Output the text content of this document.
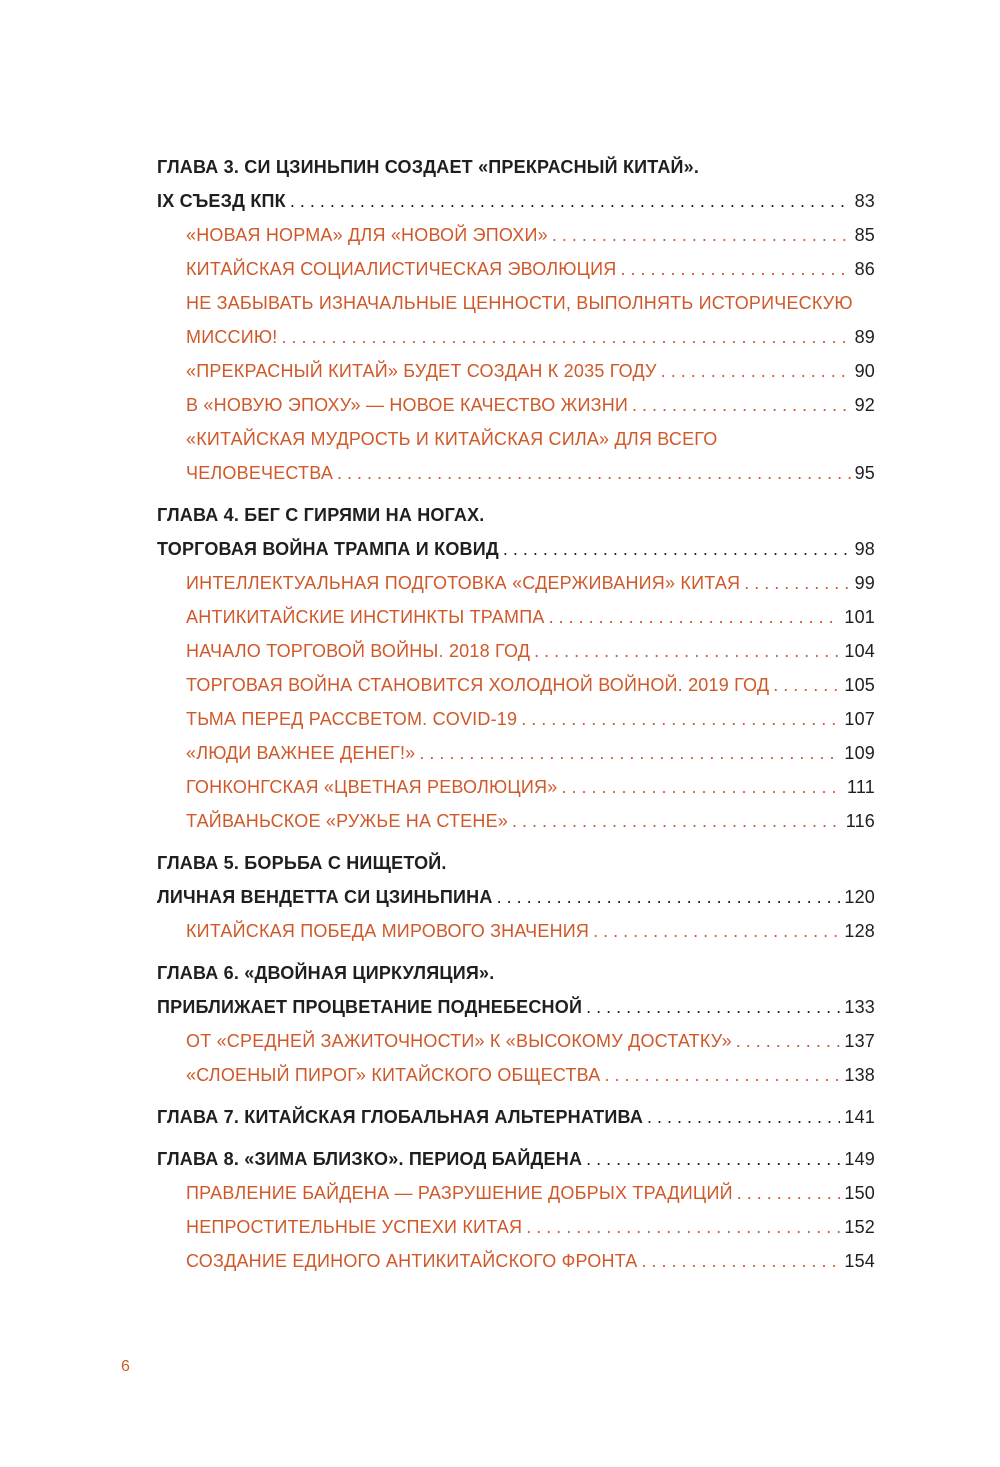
ГЛАВА 3. СИ ЦЗИНЬПИН СОЗДАЕТ «ПРЕКРАСНЫЙ КИТАЙ».
IX СЪЕЗД КПК . . .	83
«НОВАЯ НОРМА» ДЛЯ «НОВОЙ ЭПОХИ» . . .	85
КИТАЙСКАЯ СОЦИАЛИСТИЧЕСКАЯ ЭВОЛЮЦИЯ . . .	86
НЕ ЗАБЫВАТЬ ИЗНАЧАЛЬНЫЕ ЦЕННОСТИ, ВЫПОЛНЯТЬ ИСТОРИЧЕСКУЮ
МИССИЮ! . . .	89
«ПРЕКРАСНЫЙ КИТАЙ» БУДЕТ СОЗДАН К 2035 ГОДУ . . .	90
В «НОВУЮ ЭПОХУ» — НОВОЕ КАЧЕСТВО ЖИЗНИ . . .	92
«КИТАЙСКАЯ МУДРОСТЬ И КИТАЙСКАЯ СИЛА» ДЛЯ ВСЕГО
ЧЕЛОВЕЧЕСТВА . . .	95
ГЛАВА 4. БЕГ С ГИРЯМИ НА НОГАХ.
ТОРГОВАЯ ВОЙНА ТРАМПА И КОВИД . . .	98
ИНТЕЛЛЕКТУАЛЬНАЯ ПОДГОТОВКА «СДЕРЖИВАНИЯ» КИТАЯ . . .	99
АНТИКИТАЙСКИЕ ИНСТИНКТЫ ТРАМПА . . .	101
НАЧАЛО ТОРГОВОЙ ВОЙНЫ. 2018 ГОД . . .	104
ТОРГОВАЯ ВОЙНА СТАНОВИТСЯ ХОЛОДНОЙ ВОЙНОЙ. 2019 ГОД . . .	105
ТЬМА ПЕРЕД РАССВЕТОМ. COVID-19 . . .	107
«ЛЮДИ ВАЖНЕЕ ДЕНЕГ!» . . .	109
ГОНКОНГСКАЯ «ЦВЕТНАЯ РЕВОЛЮЦИЯ» . . .	111
ТАЙВАНЬСКОЕ «РУЖЬЕ НА СТЕНЕ» . . .	116
ГЛАВА 5. БОРЬБА С НИЩЕТОЙ.
ЛИЧНАЯ ВЕНДЕТТА СИ ЦЗИНЬПИНА . . .	120
КИТАЙСКАЯ ПОБЕДА МИРОВОГО ЗНАЧЕНИЯ . . .	128
ГЛАВА 6. «ДВОЙНАЯ ЦИРКУЛЯЦИЯ».
ПРИБЛИЖАЕТ ПРОЦВЕТАНИЕ ПОДНЕБЕСНОЙ . . .	133
ОТ «СРЕДНЕЙ ЗАЖИТОЧНОСТИ» К «ВЫСОКОМУ ДОСТАТКУ» . . .	137
«СЛОЕНЫЙ ПИРОГ» КИТАЙСКОГО ОБЩЕСТВА . . .	138
ГЛАВА 7. КИТАЙСКАЯ ГЛОБАЛЬНАЯ АЛЬТЕРНАТИВА . . .	141
ГЛАВА 8. «ЗИМА БЛИЗКО». ПЕРИОД БАЙДЕНА . . .	149
ПРАВЛЕНИЕ БАЙДЕНА — РАЗРУШЕНИЕ ДОБРЫХ ТРАДИЦИЙ . . .	150
НЕПРОСТИТЕЛЬНЫЕ УСПЕХИ КИТАЯ . . .	152
СОЗДАНИЕ ЕДИНОГО АНТИКИТАЙСКОГО ФРОНТА . . .	154
6
